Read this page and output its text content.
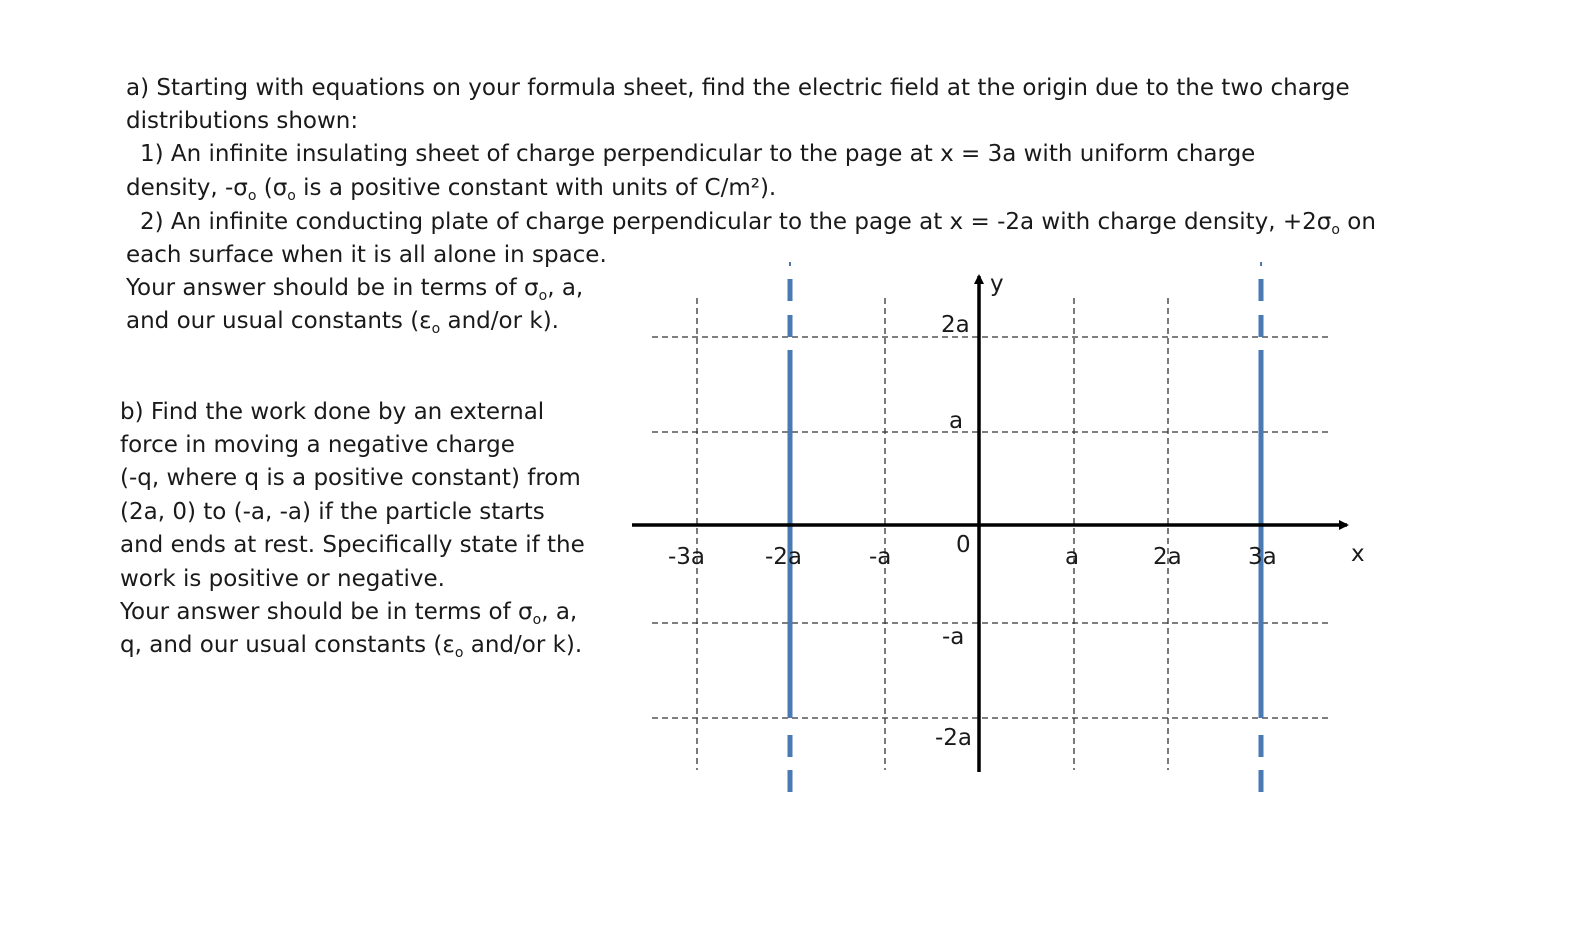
a) Starting with equations on your formula sheet, find the electric field at the origin due to the two charge
distributions shown:
1) An infinite insulating sheet of charge perpendicular to the page at x = 3a with uniform charge
density, $-\sigma_o$ ($\sigma_o$ is a positive constant with units of C/m²).
2) An infinite conducting plate of charge perpendicular to the page at x = -2a with charge density, $+2\sigma_o$ on
each surface when it is all alone in space.
Your answer should be in terms of $\sigma_o$, a,
and our usual constants ($\varepsilon_o$ and/or k).
b) Find the work done by an external
force in moving a negative charge
(-q, where q is a positive constant) from
(2a, 0) to (-a, -a) if the particle starts
and ends at rest. Specifically state if the
work is positive or negative.
Your answer should be in terms of $\sigma_o$, a,
q, and our usual constants ($\varepsilon_o$ and/or k).
y
x
-3a	-2a	-a	0	a	2a	3a
2a
a
-a
-2a
